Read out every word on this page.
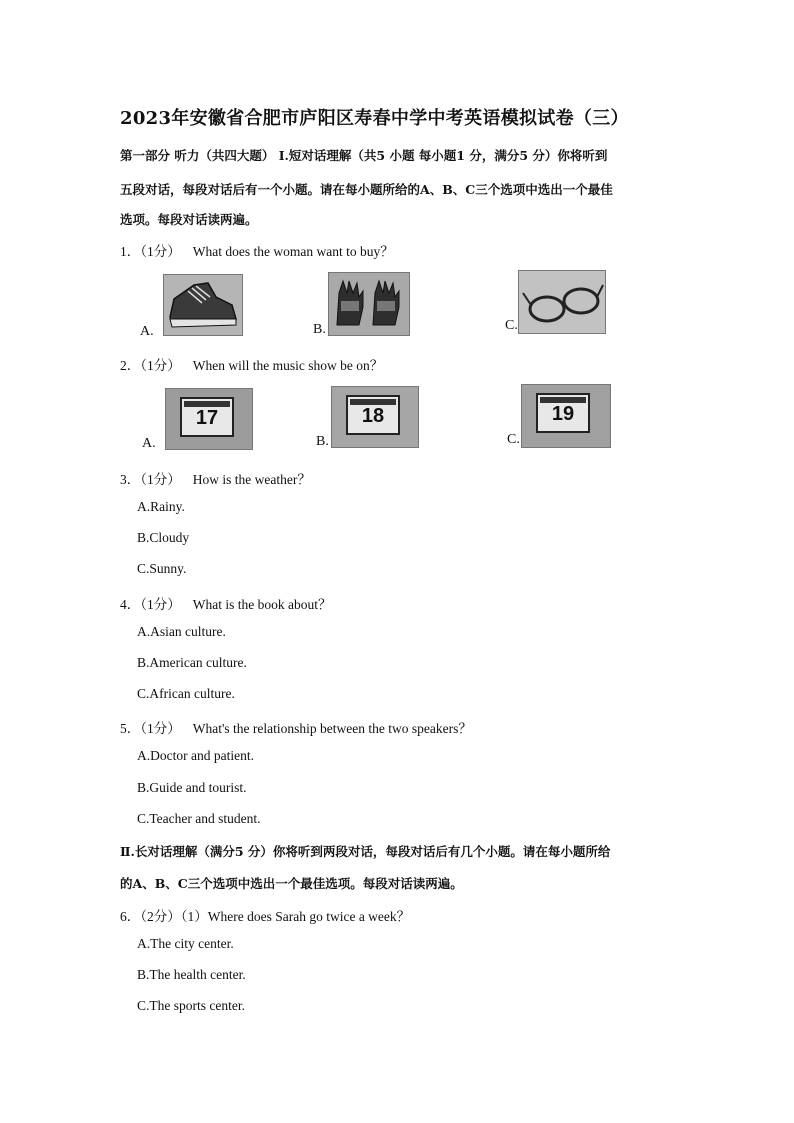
2023年安徽省合肥市庐阳区寿春中学中考英语模拟试卷（三）
第一部分 听力（共四大题） Ⅰ.短对话理解（共5 小题 每小题1 分，满分5 分）你将听到
五段对话，每段对话后有一个小题。请在每小题所给的A、B、C三个选项中选出一个最佳
选项。每段对话读两遍。
1．（1分） What does the woman want to buy？
A.	B.	C.
2．（1分） When will the music show be on？
A.
17
B.
18
C.
19
3．（1分） How is the weather？
A.Rainy.
B.Cloudy
C.Sunny.
4．（1分） What is the book about？
A.Asian culture.
B.American culture.
C.African culture.
5．（1分） What's the relationship between the two speakers？
A.Doctor and patient.
B.Guide and tourist.
C.Teacher and student.
Ⅱ.长对话理解（满分5 分）你将听到两段对话，每段对话后有几个小题。请在每小题所给
的A、B、C三个选项中选出一个最佳选项。每段对话读两遍。
6．（2分）（1）Where does Sarah go twice a week？
A.The city center.
B.The health center.
C.The sports center.
